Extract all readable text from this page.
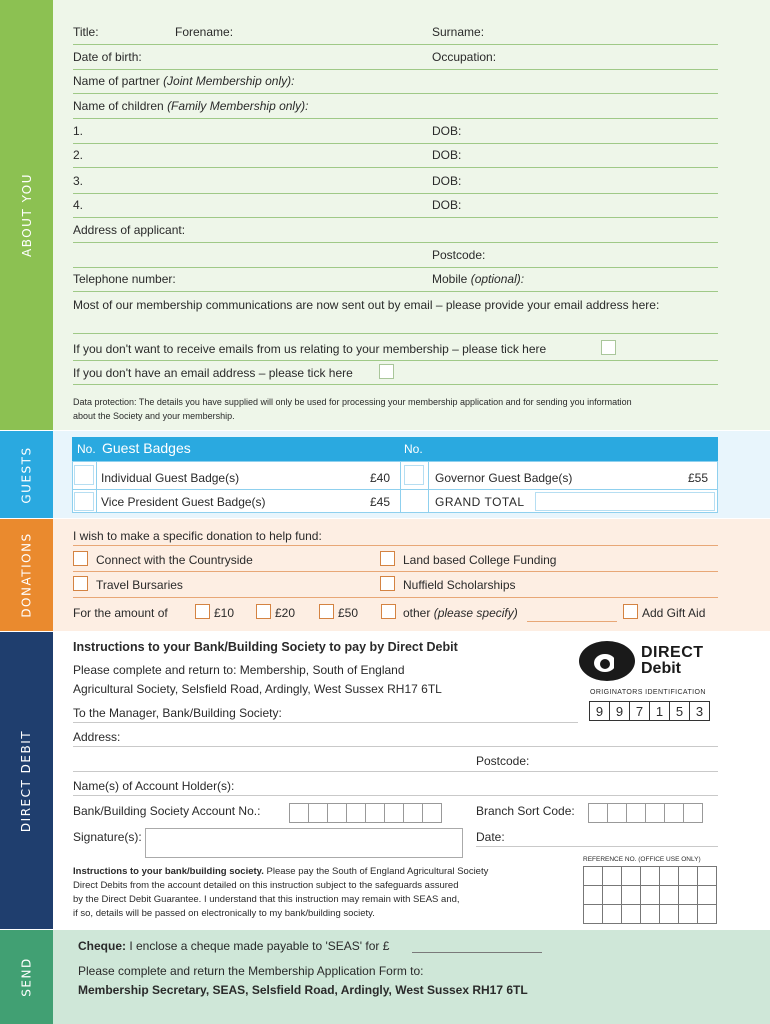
ABOUT YOU
Title:	Forename:	Surname:
Date of birth:	Occupation:
Name of partner (Joint Membership only):
Name of children (Family Membership only):
1.	DOB:
2.	DOB:
3.	DOB:
4.	DOB:
Address of applicant:
Postcode:
Telephone number:	Mobile (optional):
Most of our membership communications are now sent out by email – please provide your email address here:
If you don't want to receive emails from us relating to your membership – please tick here
If you don't have an email address – please tick here
Data protection: The details you have supplied will only be used for processing your membership application and for sending you information
about the Society and your membership.
GUESTS	No. Guest Badges	No.
Individual Guest Badge(s)	£40	Governor Guest Badge(s)	£55
Vice President Guest Badge(s)	£45	GRAND TOTAL
DONATIONS	I wish to make a specific donation to help fund:
Connect with the Countryside	Land based College Funding
Travel Bursaries	Nuffield Scholarships
For the amount of	£10	£20	£50	other (please specify)	Add Gift Aid
DIRECT DEBIT
Instructions to your Bank/Building Society to pay by Direct Debit
Please complete and return to: Membership, South of England
Agricultural Society, Selsfield Road, Ardingly, West Sussex RH17 6TL
DIRECT
Debit
ORIGINATORS IDENTIFICATION
9 9 7 1 5 3
To the Manager, Bank/Building Society:
Address:
Postcode:
Name(s) of Account Holder(s):
Bank/Building Society Account No.:	Branch Sort Code:
Signature(s):	Date:
REFERENCE NO. (OFFICE USE ONLY)
Instructions to your bank/building society. Please pay the South of England Agricultural Society
Direct Debits from the account detailed on this instruction subject to the safeguards assured
by the Direct Debit Guarantee. I understand that this instruction may remain with SEAS and,
if so, details will be passed on electronically to my bank/building society.
SEND
Cheque: I enclose a cheque made payable to 'SEAS' for £
Please complete and return the Membership Application Form to:
Membership Secretary, SEAS, Selsfield Road, Ardingly, West Sussex RH17 6TL
